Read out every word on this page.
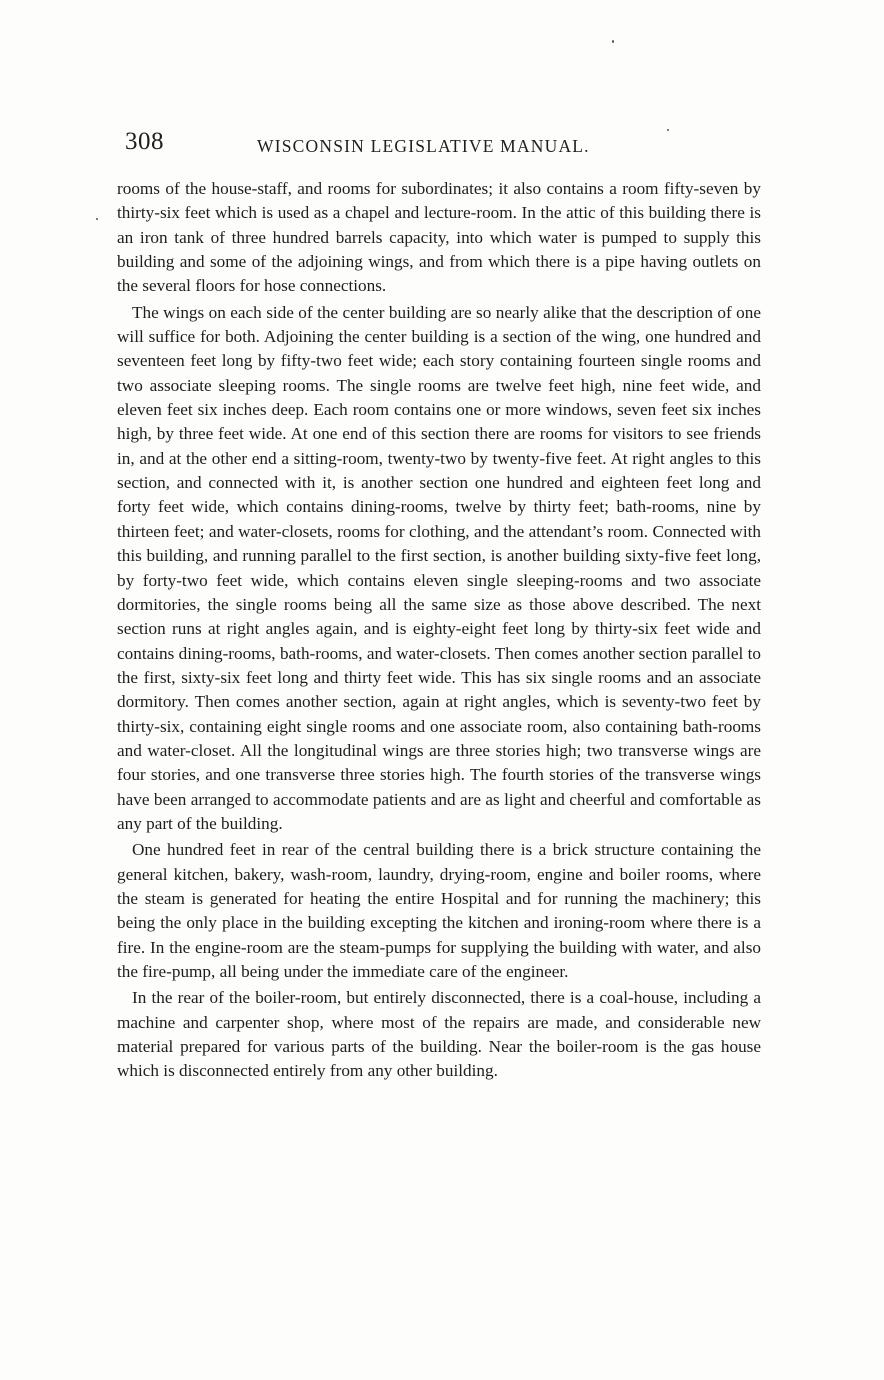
308	WISCONSIN LEGISLATIVE MANUAL.

rooms of the house-staff, and rooms for subordinates; it also contains a room fifty-seven by thirty-six feet which is used as a chapel and lecture-room. In the attic of this building there is an iron tank of three hundred barrels capacity, into which water is pumped to supply this building and some of the adjoining wings, and from which there is a pipe having outlets on the several floors for hose connections.

The wings on each side of the center building are so nearly alike that the description of one will suffice for both. Adjoining the center building is a section of the wing, one hundred and seventeen feet long by fifty-two feet wide; each story containing fourteen single rooms and two associate sleeping rooms. The single rooms are twelve feet high, nine feet wide, and eleven feet six inches deep. Each room contains one or more windows, seven feet six inches high, by three feet wide. At one end of this section there are rooms for visitors to see friends in, and at the other end a sitting-room, twenty-two by twenty-five feet. At right angles to this section, and connected with it, is another section one hundred and eighteen feet long and forty feet wide, which contains dining-rooms, twelve by thirty feet; bath-rooms, nine by thirteen feet; and water-closets, rooms for clothing, and the attendant’s room. Connected with this building, and running parallel to the first section, is another building sixty-five feet long, by forty-two feet wide, which contains eleven single sleeping-rooms and two associate dormitories, the single rooms being all the same size as those above described. The next section runs at right angles again, and is eighty-eight feet long by thirty-six feet wide and contains dining-rooms, bath-rooms, and water-closets. Then comes another section parallel to the first, sixty-six feet long and thirty feet wide. This has six single rooms and an associate dormitory. Then comes another section, again at right angles, which is seventy-two feet by thirty-six, containing eight single rooms and one associate room, also containing bath-rooms and water-closet. All the longitudinal wings are three stories high; two transverse wings are four stories, and one transverse three stories high. The fourth stories of the transverse wings have been arranged to accommodate patients and are as light and cheerful and comfortable as any part of the building.

One hundred feet in rear of the central building there is a brick structure containing the general kitchen, bakery, wash-room, laundry, drying-room, engine and boiler rooms, where the steam is generated for heating the entire Hospital and for running the machinery; this being the only place in the building excepting the kitchen and ironing-room where there is a fire. In the engine-room are the steam-pumps for supplying the building with water, and also the fire-pump, all being under the immediate care of the engineer.

In the rear of the boiler-room, but entirely disconnected, there is a coal-house, including a machine and carpenter shop, where most of the repairs are made, and considerable new material prepared for various parts of the building. Near the boiler-room is the gas house which is disconnected entirely from any other building.
